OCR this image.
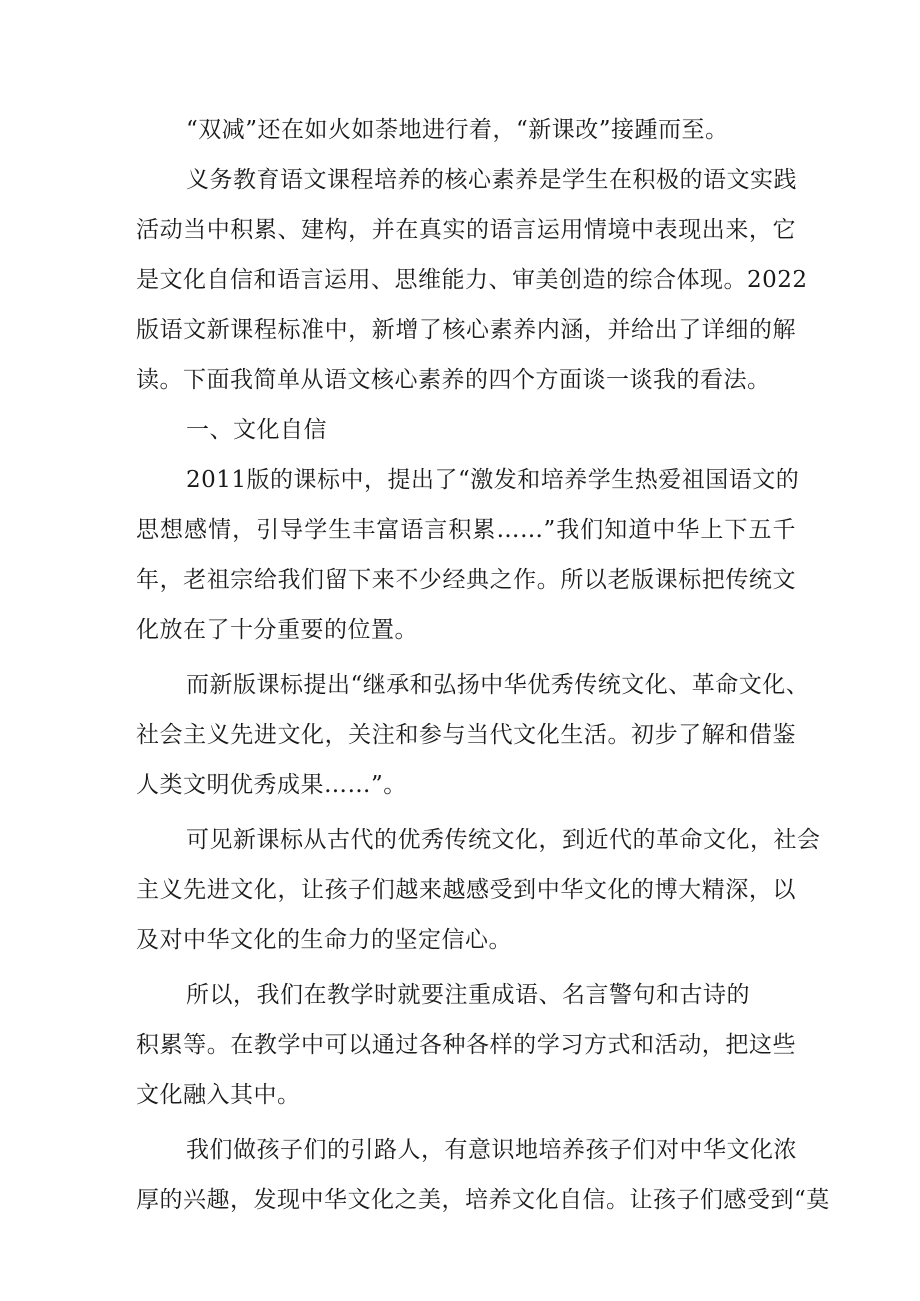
“双减”还在如火如荼地进行着，“新课改”接踵而至。
义务教育语文课程培养的核心素养是学生在积极的语文实践
活动当中积累、建构，并在真实的语言运用情境中表现出来，它
是文化自信和语言运用、思维能力、审美创造的综合体现。2022
版语文新课程标准中，新增了核心素养内涵，并给出了详细的解
读。下面我简单从语文核心素养的四个方面谈一谈我的看法。
一、文化自信
2011版的课标中，提出了“激发和培养学生热爱祖国语文的
思想感情，引导学生丰富语言积累……”我们知道中华上下五千
年，老祖宗给我们留下来不少经典之作。所以老版课标把传统文
化放在了十分重要的位置。
而新版课标提出“继承和弘扬中华优秀传统文化、革命文化、
社会主义先进文化，关注和参与当代文化生活。初步了解和借鉴
人类文明优秀成果……”。
可见新课标从古代的优秀传统文化，到近代的革命文化，社会
主义先进文化，让孩子们越来越感受到中华文化的博大精深，以
及对中华文化的生命力的坚定信心。
所以，我们在教学时就要注重成语、名言警句和古诗的
积累等。在教学中可以通过各种各样的学习方式和活动，把这些
文化融入其中。
我们做孩子们的引路人，有意识地培养孩子们对中华文化浓
厚的兴趣，发现中华文化之美，培养文化自信。让孩子们感受到“莫
